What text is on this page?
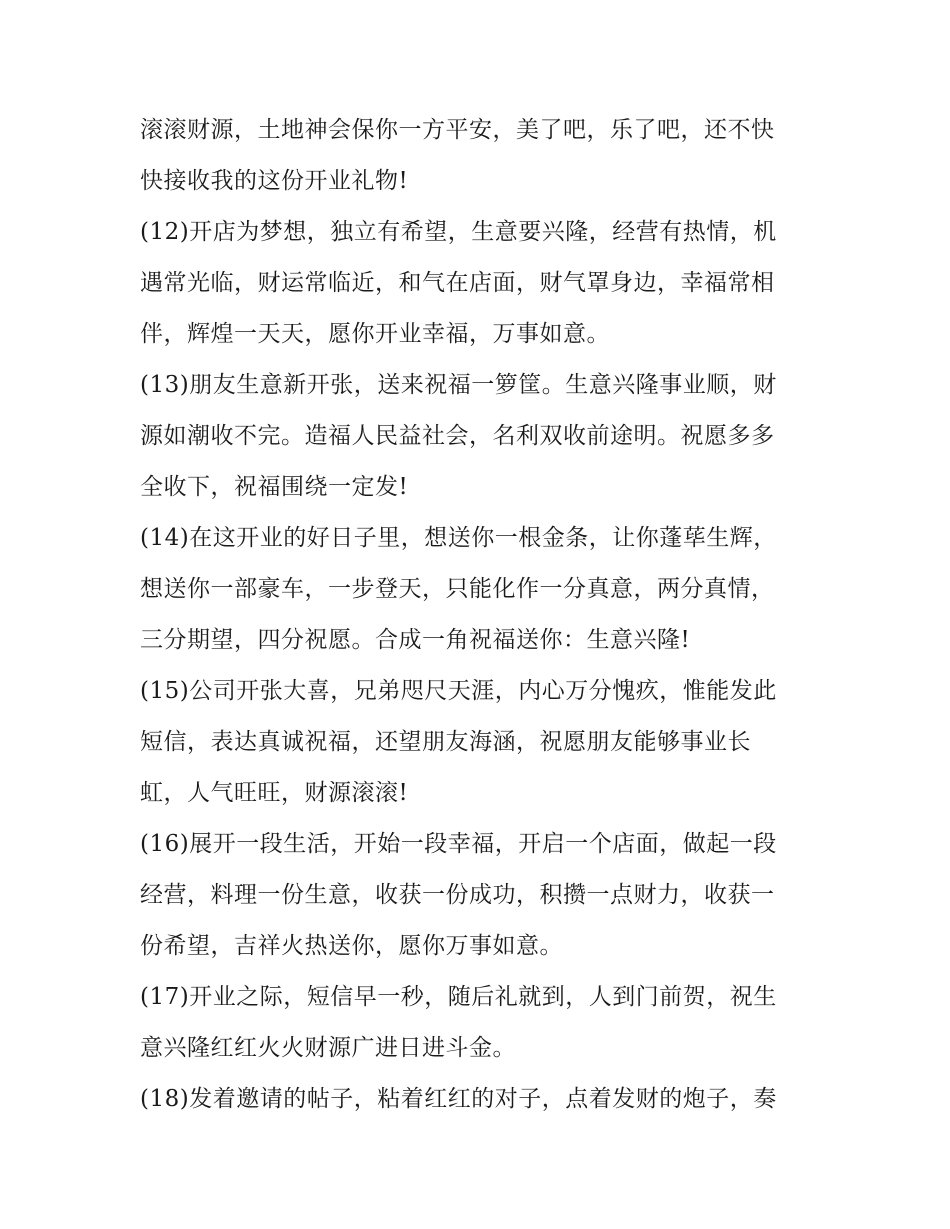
滚滚财源，土地神会保你一方平安，美了吧，乐了吧，还不快
快接收我的这份开业礼物!
(12)开店为梦想，独立有希望，生意要兴隆，经营有热情，机
遇常光临，财运常临近，和气在店面，财气罩身边，幸福常相
伴，辉煌一天天，愿你开业幸福，万事如意。
(13)朋友生意新开张，送来祝福一箩筐。生意兴隆事业顺，财
源如潮收不完。造福人民益社会，名利双收前途明。祝愿多多
全收下，祝福围绕一定发!
(14)在这开业的好日子里，想送你一根金条，让你蓬荜生辉，
想送你一部豪车，一步登天，只能化作一分真意，两分真情，
三分期望，四分祝愿。合成一角祝福送你：生意兴隆!
(15)公司开张大喜，兄弟咫尺天涯，内心万分愧疚，惟能发此
短信，表达真诚祝福，还望朋友海涵，祝愿朋友能够事业长
虹，人气旺旺，财源滚滚!
(16)展开一段生活，开始一段幸福，开启一个店面，做起一段
经营，料理一份生意，收获一份成功，积攒一点财力，收获一
份希望，吉祥火热送你，愿你万事如意。
(17)开业之际，短信早一秒，随后礼就到，人到门前贺，祝生
意兴隆红红火火财源广进日进斗金。
(18)发着邀请的帖子，粘着红红的对子，点着发财的炮子，奏
